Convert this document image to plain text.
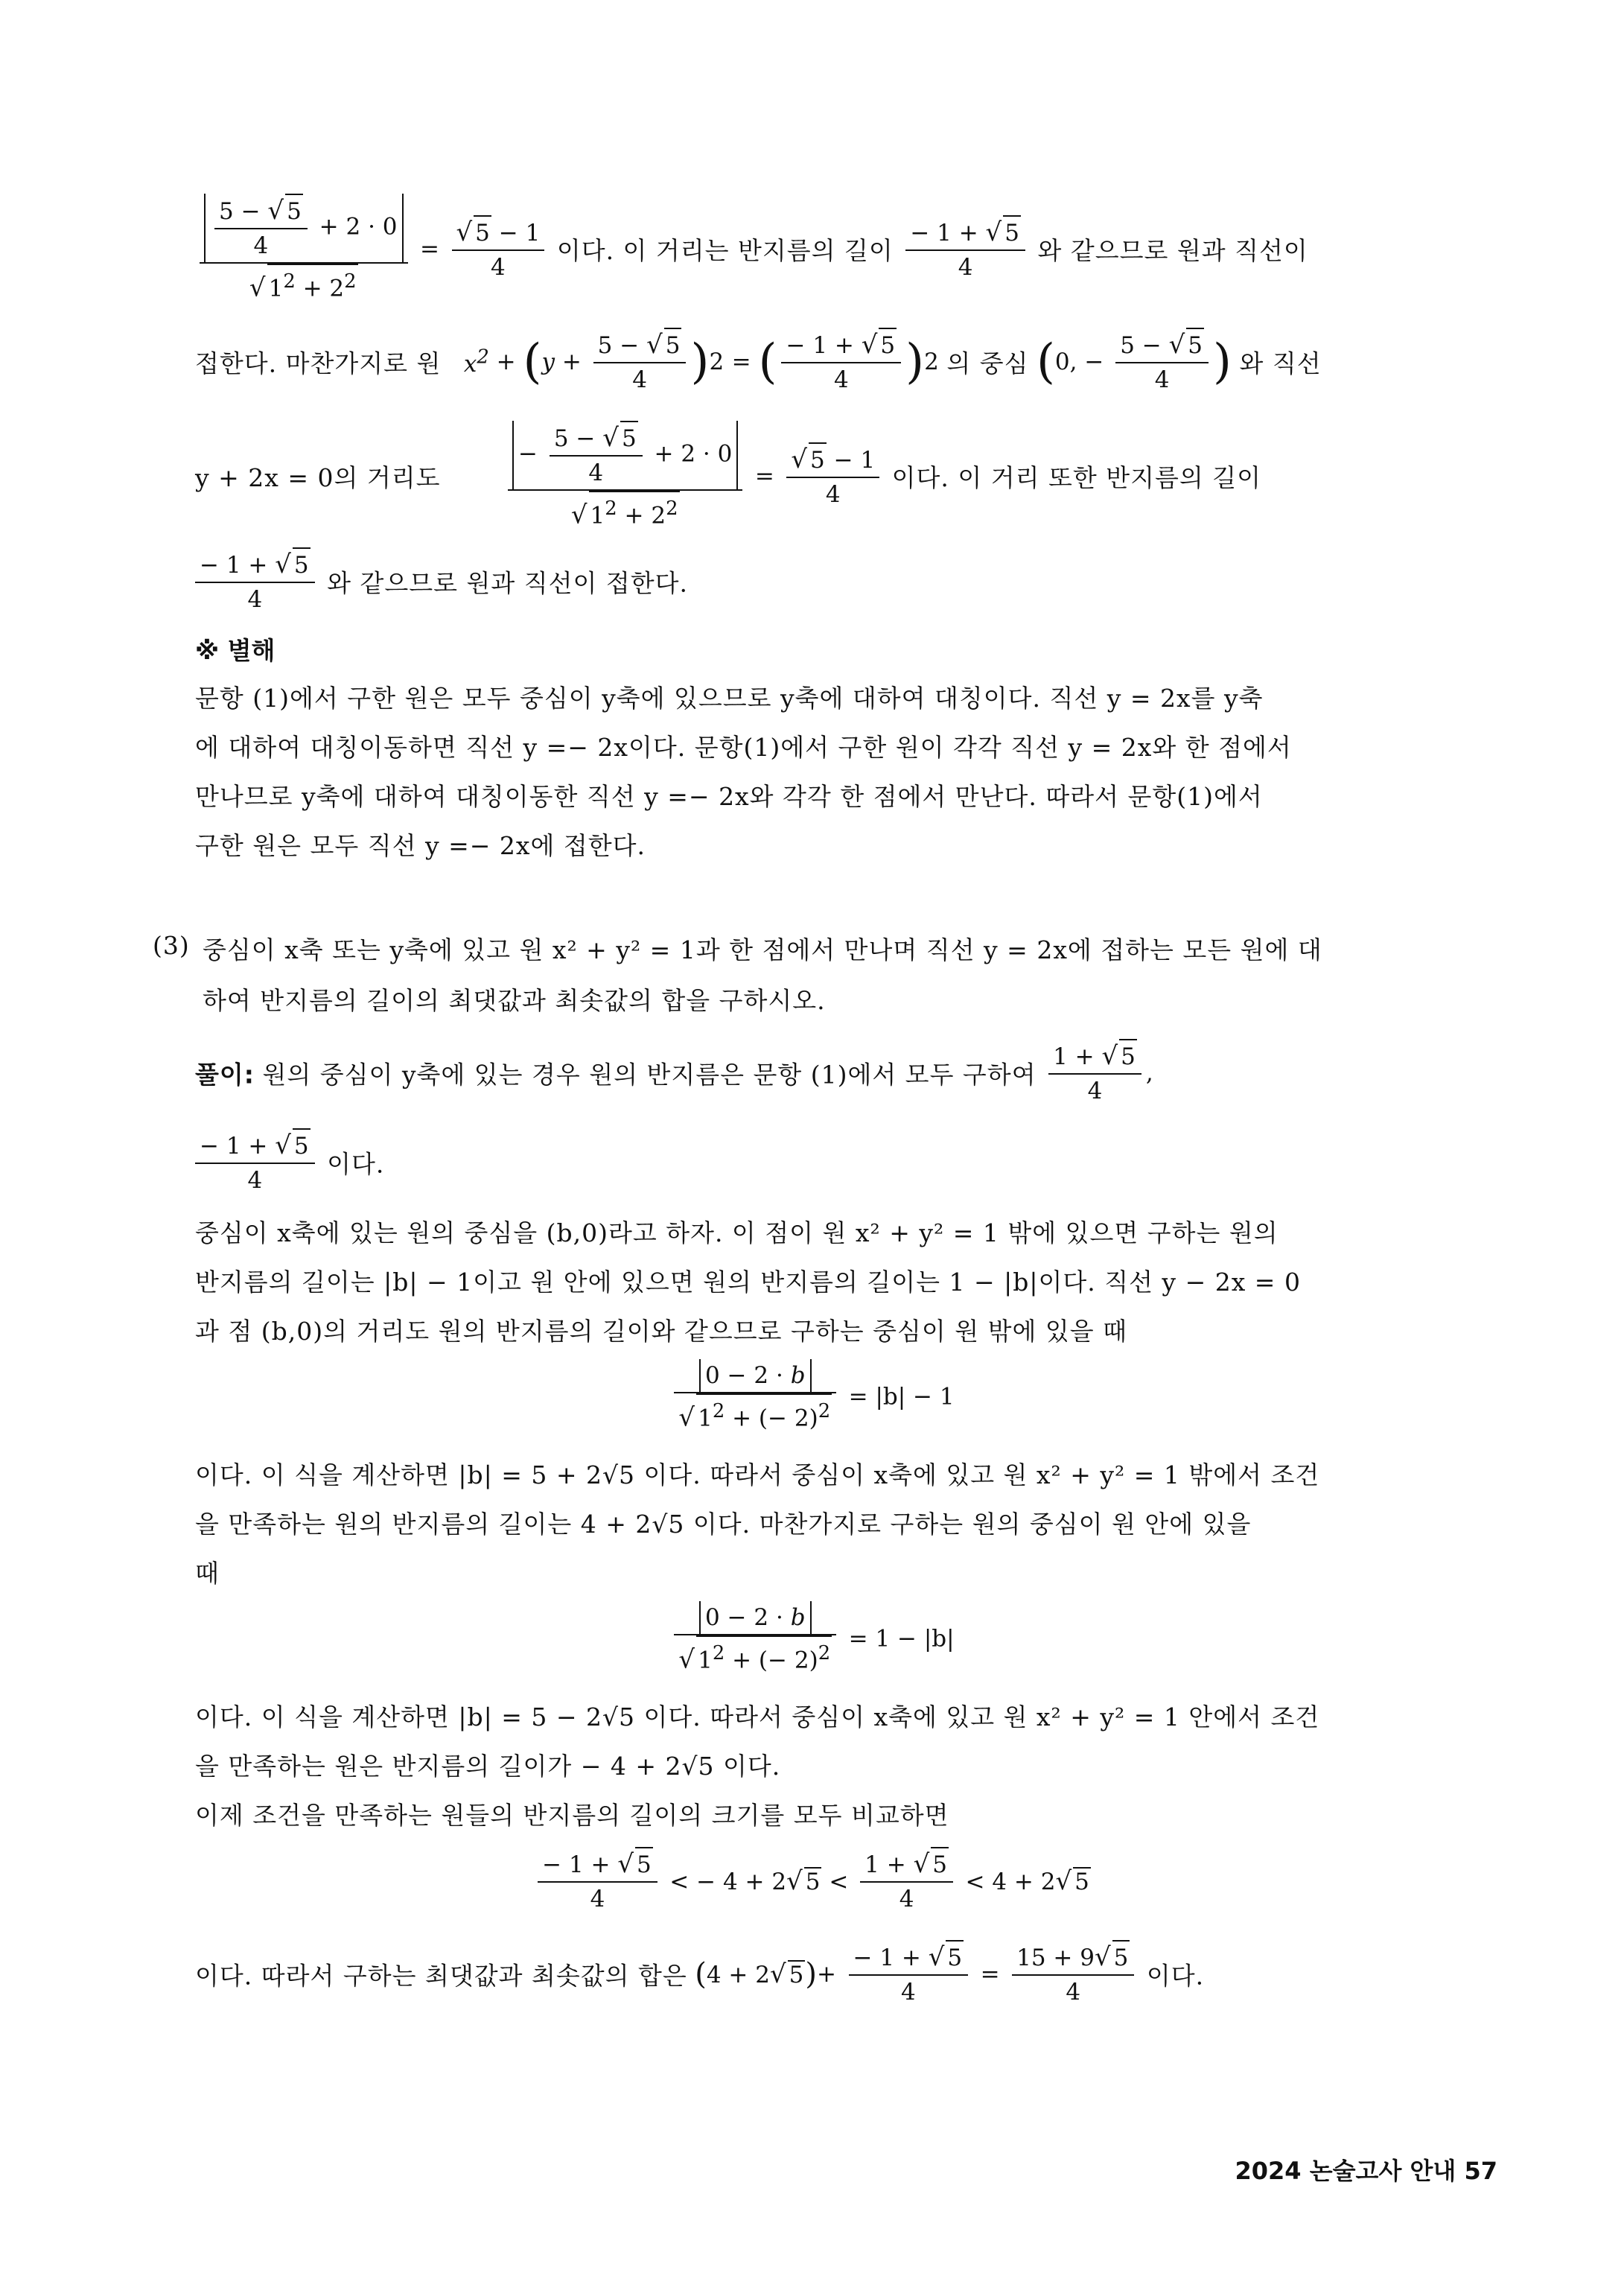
$\frac{\frac{5 - √ 5}{4} + 2 \cdot 0}{√ 1^2 + 2^2} = \frac{√ 5 - 1}{4}$ 이다. 이 거리는 반지름의 길이 $\frac{- 1 + √ 5}{4}$ 와 같으므로 원과 직선이
접한다. 마찬가지로 원 $x^2 + (y + \frac{5 - √ 5}{4} )2$ = ( $\frac{- 1 + √ 5}{4} )2$ 의 중심 (0, − $\frac{5 - √ 5}{4}$ ) 와 직선
y + 2x = 0의 거리도	$\frac{- \frac{5 - √ 5}{4} + 2 \cdot 0}{√ 1^2 + 2^2} = \frac{√ 5 - 1}{4}$ 이다. 이 거리 또한 반지름의 길이
$\frac{- 1 + √ 5}{4}$ 와 같으므로 원과 직선이 접한다.
※ 별해
문항 (1)에서 구한 원은 모두 중심이 y축에 있으므로 y축에 대하여 대칭이다. 직선 y = 2x를 y축
에 대하여 대칭이동하면 직선 y =− 2x이다. 문항(1)에서 구한 원이 각각 직선 y = 2x와 한 점에서
만나므로 y축에 대하여 대칭이동한 직선 y =− 2x와 각각 한 점에서 만난다. 따라서 문항(1)에서
구한 원은 모두 직선 y =− 2x에 접한다.
(3) 중심이 x축 또는 y축에 있고 원 x² + y² = 1과 한 점에서 만나며 직선 y = 2x에 접하는 모든 원에 대
하여 반지름의 길이의 최댓값과 최솟값의 합을 구하시오.
풀이: 원의 중심이 y축에 있는 경우 원의 반지름은 문항 (1)에서 모두 구하여 $\frac{1 + √ 5}{4}$ ,
$\frac{- 1 + √ 5}{4}$ 이다.
중심이 x축에 있는 원의 중심을 (b,0)라고 하자. 이 점이 원 x² + y² = 1 밖에 있으면 구하는 원의
반지름의 길이는 |b| − 1이고 원 안에 있으면 원의 반지름의 길이는 1 − |b|이다. 직선 y − 2x = 0
과 점 (b,0)의 거리도 원의 반지름의 길이와 같으므로 구하는 중심이 원 밖에 있을 때
$\frac{0 - 2 \cdot b}{√ 1^2 + (- 2)^2} = |b| - 1$
이다. 이 식을 계산하면 |b| = 5 + 2√5 이다. 따라서 중심이 x축에 있고 원 x² + y² = 1 밖에서 조건
을 만족하는 원의 반지름의 길이는 4 + 2√5 이다. 마찬가지로 구하는 원의 중심이 원 안에 있을
때
$\frac{0 - 2 \cdot b}{√ 1^2 + (- 2)^2} = 1 - |b|$
이다. 이 식을 계산하면 |b| = 5 − 2√5 이다. 따라서 중심이 x축에 있고 원 x² + y² = 1 안에서 조건
을 만족하는 원은 반지름의 길이가 − 4 + 2√5 이다.
이제 조건을 만족하는 원들의 반지름의 길이의 크기를 모두 비교하면
$\frac{- 1 + √ 5}{4}$ < − 4 + 2√ $5 < \frac{1 + √ 5}{4} < 4 + 2√$ 5
이다. 따라서 구하는 최댓값과 최솟값의 합은 (4 + 2√ $5)+ \frac{- 1 + √ 5}{4} = \frac{15 + 9√ 5}{4}$ 이다.
2024 논술고사 안내 57
